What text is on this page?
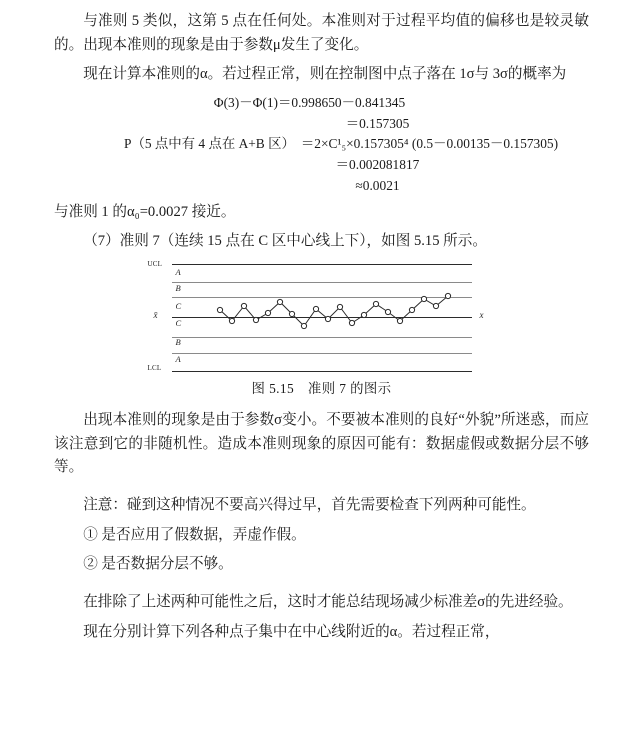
与准则 5 类似，这第 5 点在任何处。本准则对于过程平均值的偏移也是较灵敏的。出现本准则的现象是由于参数μ发生了变化。

现在计算本准则的α。若过程正常，则在控制图中点子落在 1σ与 3σ的概率为

Φ(3)－Φ(1)＝0.998650－0.841345
＝0.157305
P（5 点中有 4 点在 A+B 区） ＝2×C¹₅×0.157305⁴ (0.5－0.00135－0.157305)
＝0.002081817
≈0.0021

与准则 1 的α₀=0.0027 接近。

（7）准则 7（连续 15 点在 C 区中心线上下），如图 5.15 所示。

A
B
C
C
B
A
UCL
LCL
x̄	x
图 5.15　准则 7 的图示

出现本准则的现象是由于参数σ变小。不要被本准则的良好“外貌”所迷惑，而应该注意到它的非随机性。造成本准则现象的原因可能有：数据虚假或数据分层不够等。

注意：碰到这种情况不要高兴得过早，首先需要检查下列两种可能性。

① 是否应用了假数据，弄虚作假。

② 是否数据分层不够。

在排除了上述两种可能性之后，这时才能总结现场减少标准差σ的先进经验。

现在分别计算下列各种点子集中在中心线附近的α。若过程正常，
